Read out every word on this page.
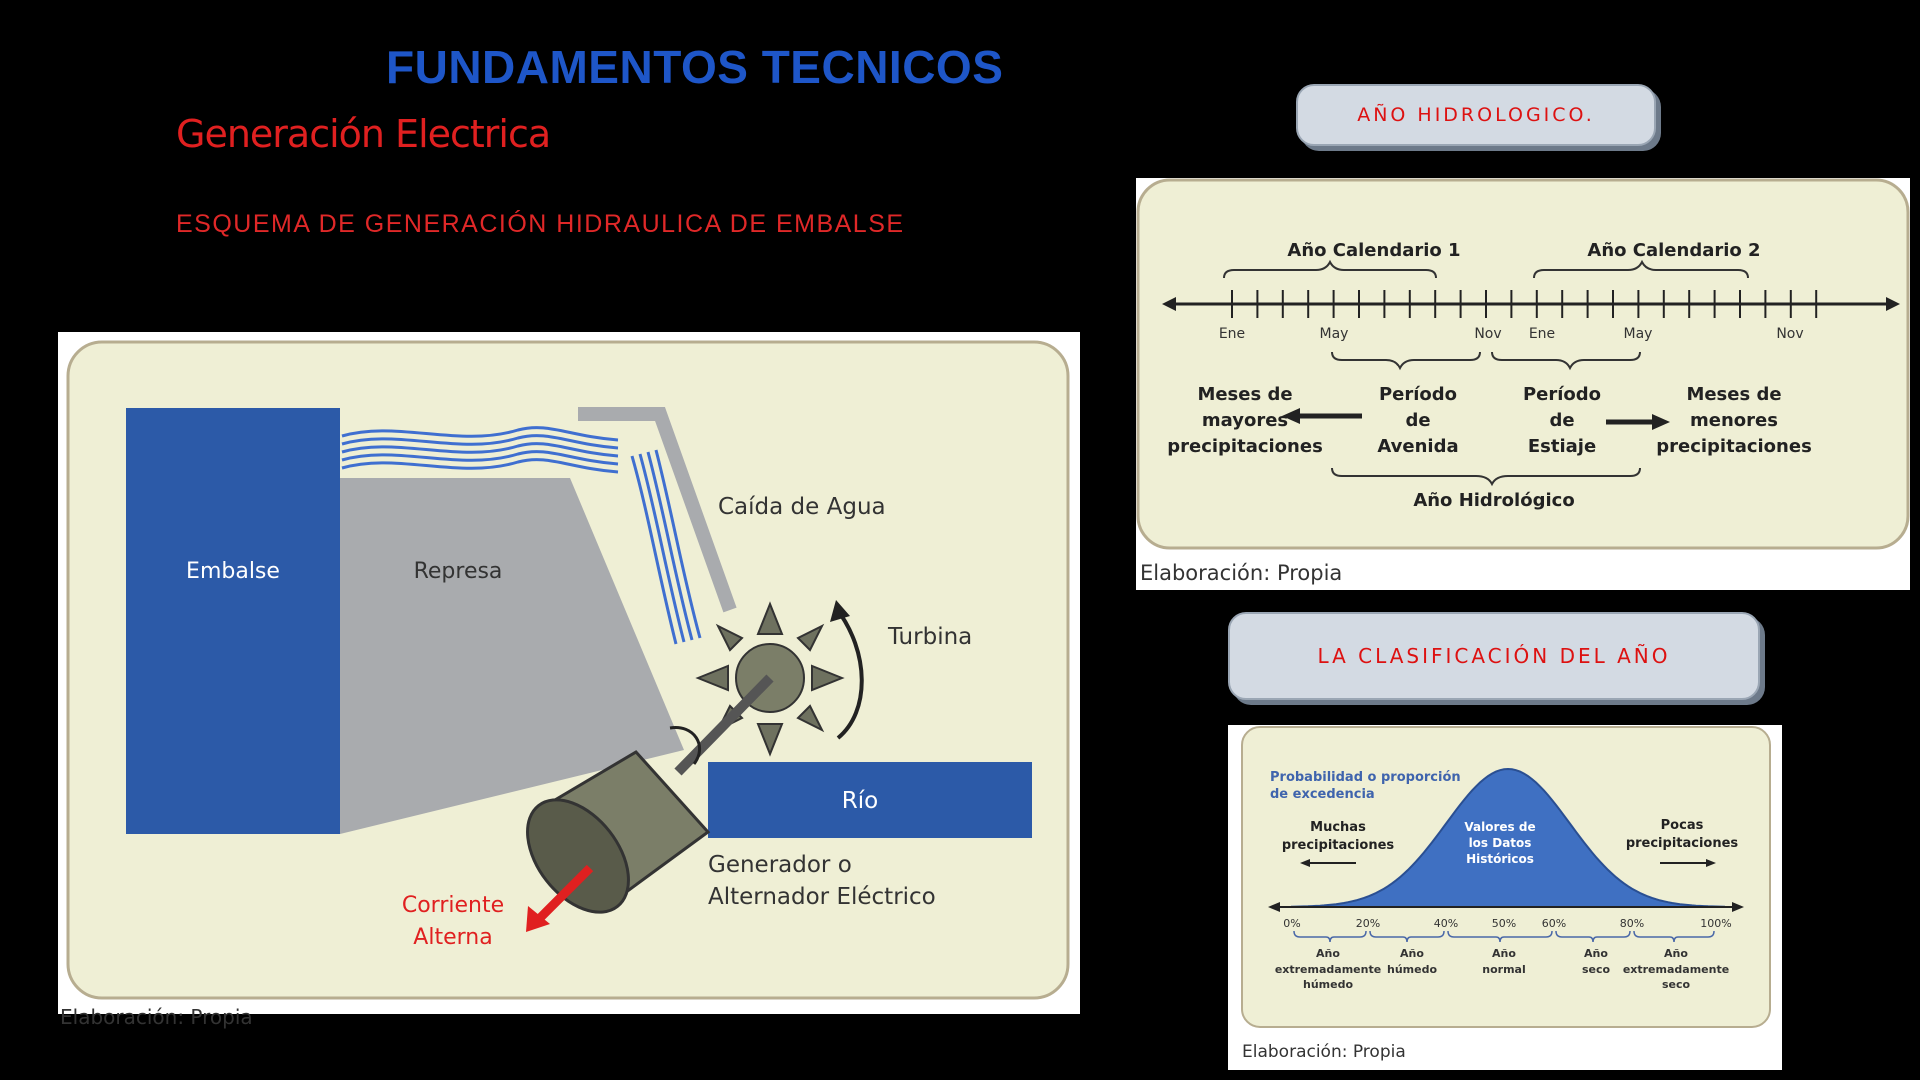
FUNDAMENTOS TECNICOS
Generación Electrica
ESQUEMA DE GENERACIÓN HIDRAULICA DE EMBALSE
AÑO HIDROLOGICO.
LA CLASIFICACIÓN DEL AÑO
Embalse	Represa
Caída de Agua
Turbina
Río
Generador o
Alternador Eléctrico
Corriente
Alterna
Elaboración: Propia
Año Calendario 1	Año Calendario 2
Ene	May	Nov Ene	May	Nov
Meses de
mayores
precipitaciones
Período
de
Avenida
Período
de
Estiaje
Meses de
menores
precipitaciones
Año Hidrológico
Elaboración: Propia
Probabilidad o proporción
de excedencia
Muchas
precipitaciones
Pocas
precipitaciones
Valores de
los Datos
Históricos
0%	20%	40%	50% 60%	80%	100%
Año
extremadamente
húmedo
Año
húmedo
Año
normal
Año
seco
Año
extremadamente
seco
Elaboración: Propia
